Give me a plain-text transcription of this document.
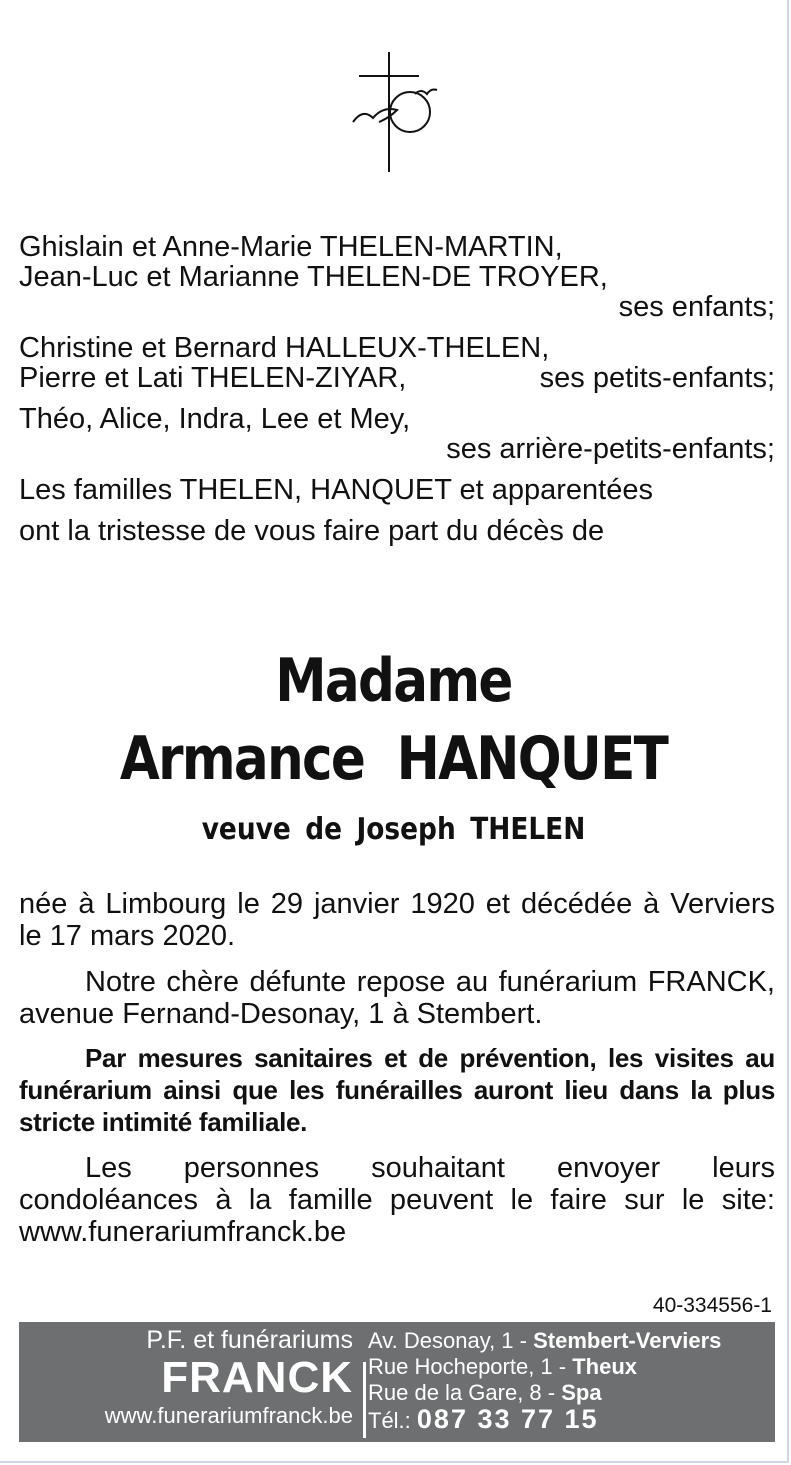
Ghislain et Anne-Marie THELEN-MARTIN,
Jean-Luc et Marianne THELEN-DE TROYER,
ses enfants;
Christine et Bernard HALLEUX-THELEN,
Pierre et Lati THELEN-ZIYAR,	ses petits-enfants;
Théo, Alice, Indra, Lee et Mey,
ses arrière-petits-enfants;
Les familles THELEN, HANQUET et apparentées
ont la tristesse de vous faire part du décès de
Madame
Armance  HANQUET
veuve de Joseph THELEN

née à Limbourg le 29 janvier 1920 et décédée à Verviers le 17 mars 2020.

Notre chère défunte repose au funérarium FRANCK, avenue Fernand-Desonay, 1 à Stembert.

Par mesures sanitaires et de prévention, les visites au funérarium ainsi que les funérailles auront lieu dans la plus stricte intimité familiale.

Les personnes souhaitant envoyer leurs condoléances à la famille peuvent le faire sur le site: www.funerariumfranck.be

40-334556-1
P.F. et funérariums
FRANCK
www.funerariumfranck.be
Av. Desonay, 1 - Stembert-Verviers
Rue Hocheporte, 1 - Theux
Rue de la Gare, 8 - Spa
Tél.: 087 33 77 15
